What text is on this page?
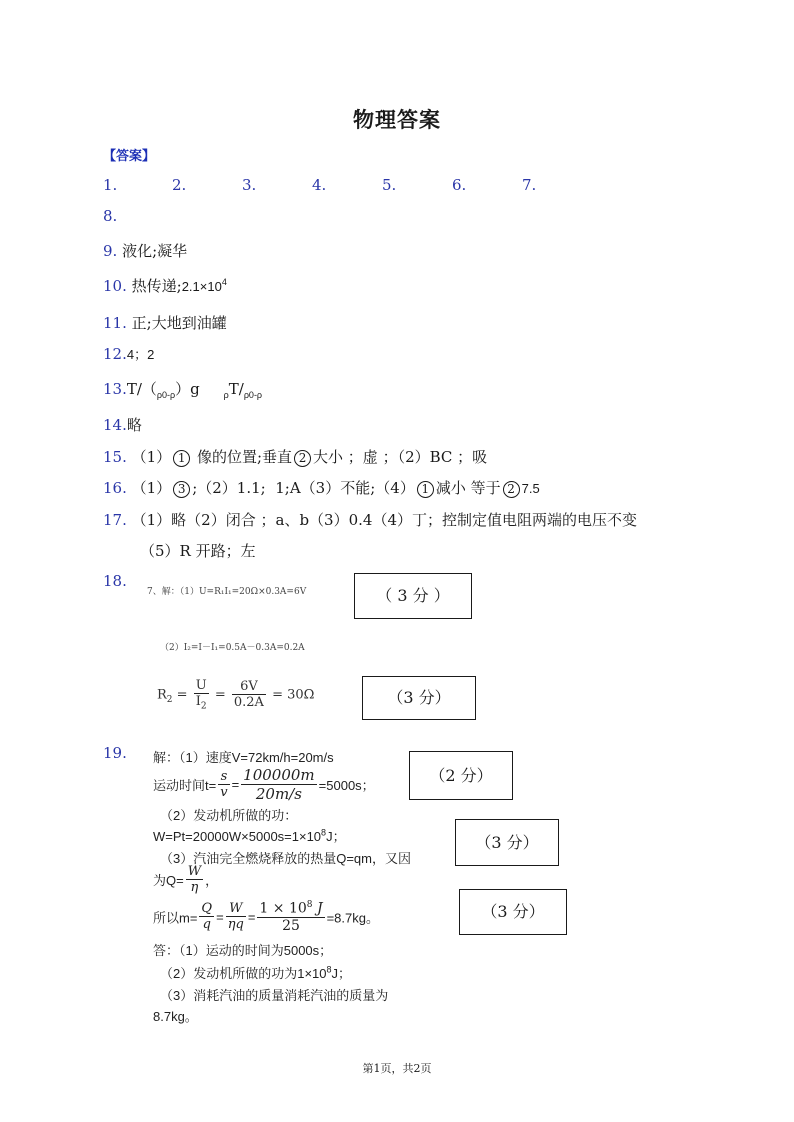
物理答案
【答案】
1.	2.	3.	4.	5.	6.	7.
8.
9. 液化;凝华
10. 热传递$;2.1\times 10^4$
11. 正;大地到油罐
12.4；2
$13.T/(_{\rho 0-\rho})g$	$_\rho T/_{\rho 0-\rho}$
14.略
15. （1） 1 像的位置;垂直 2 大小 ；虚 ；（2）BC ；吸
16. （1） 3 ;（2）1.1; 1;A（3）不能;（4） 1 减小 等于 2 7.5
17. （1）略（2）闭合 ；a、b（3）0.4（4）丁；控制定值电阻两端的电压不变
（5）R 开路；左
18.
7、解：（1）U=R₁I₁=20Ω×0.3A=6V	（ 3 分 ）
（2）I₂=I－I₁=0.5A－0.3A=0.2A
$R_2 = \frac{U}{I_2} = \frac{6V}{0.2A} = 30\Omega$	（3 分）
19. 解：（1）速度V=72km/h=20m/s
运动时间$t= \frac{s}{v} = \frac{100000m}{20m/s} =5000s$；
（2 分）
（2）发动机所做的功：
$W=Pt=20000W\times 5000s=1\times 10^8J$；	（3 分）
（3）汽油完全燃烧释放的热量Q=qm，又因
为$Q= \frac{W}{\eta}$ ，
所以$m= \frac{Q}{q} = \frac{W}{\eta q} = \frac{1 \times 10^8 J}{25} =8.7kg$。	（3 分）
答：（1）运动的时间为5000s；
（2）发动机所做的功为$1\times 10^8J$；
（3）消耗汽油的质量消耗汽油的质量为
8.7kg。
第1页，共2页
